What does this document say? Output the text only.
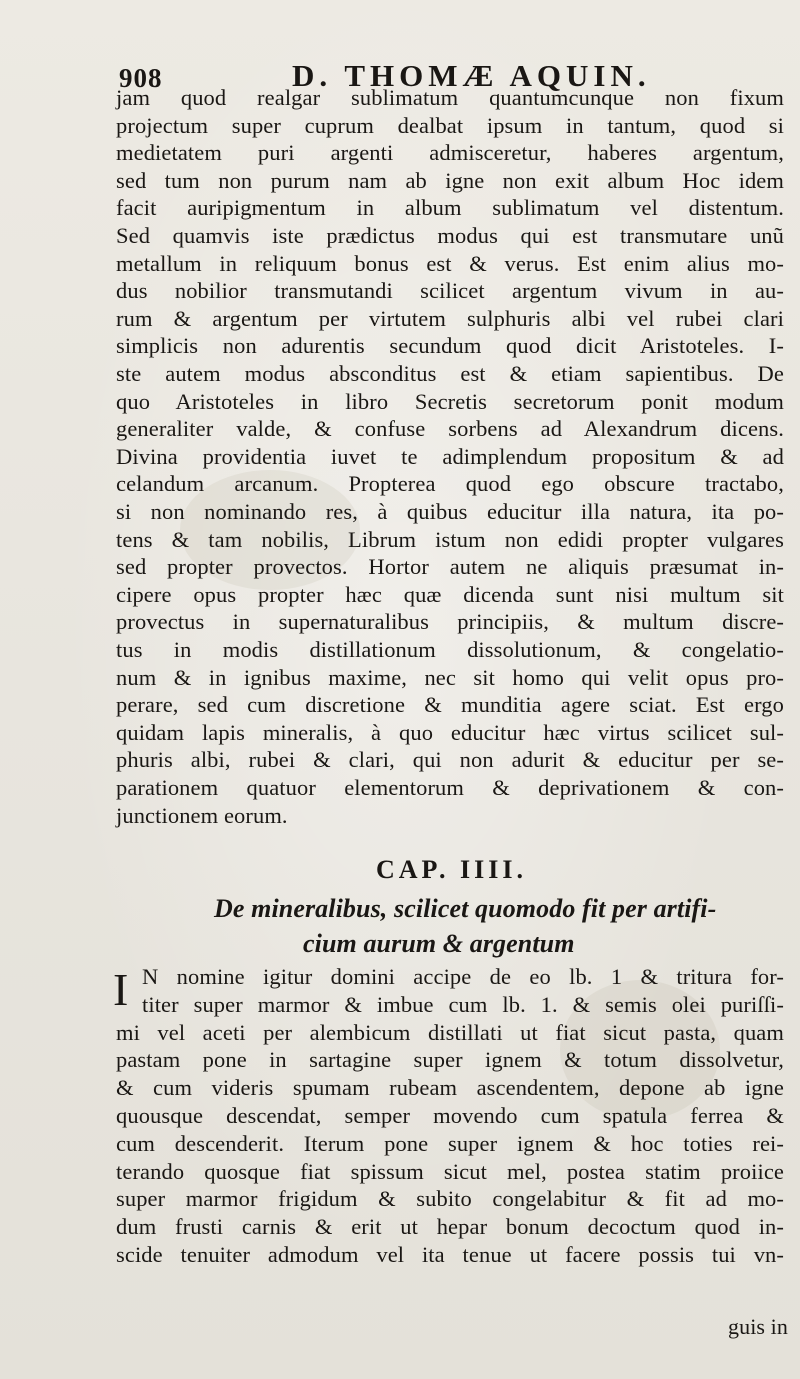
908	D. THOMÆ AQUIN.
jam quod realgar sublimatum quantumcunque non fixum
projectum super cuprum dealbat ipsum in tantum, quod si
medietatem puri argenti admisceretur, haberes argentum,
sed tum non purum nam ab igne non exit album Hoc idem
facit auripigmentum in album sublimatum vel distentum.
Sed quamvis iste prædictus modus qui est transmutare unũ
metallum in reliquum bonus est & verus. Est enim alius mo-
dus nobilior transmutandi scilicet argentum vivum in au-
rum & argentum per virtutem sulphuris albi vel rubei clari
simplicis non adurentis secundum quod dicit Aristoteles. I-
ste autem modus absconditus est & etiam sapientibus. De
quo Aristoteles in libro Secretis secretorum ponit modum
generaliter valde, & confuse sorbens ad Alexandrum dicens.
Divina providentia iuvet te adimplendum propositum & ad
celandum arcanum. Propterea quod ego obscure tractabo,
si non nominando res, à quibus educitur illa natura, ita po-
tens & tam nobilis, Librum istum non edidi propter vulgares
sed propter provectos. Hortor autem ne aliquis præsumat in-
cipere opus propter hæc quæ dicenda sunt nisi multum sit
provectus in supernaturalibus principiis, & multum discre-
tus in modis distillationum dissolutionum, & congelatio-
num & in ignibus maxime, nec sit homo qui velit opus pro-
perare, sed cum discretione & munditia agere sciat. Est ergo
quidam lapis mineralis, à quo educitur hæc virtus scilicet sul-
phuris albi, rubei & clari, qui non adurit & educitur per se-
parationem quatuor elementorum & deprivationem & con-
junctionem eorum.
CAP. IIII.
De mineralibus, scilicet quomodo fit per artifi-
cium aurum & argentum
I N nomine igitur domini accipe de eo lb. 1 & tritura for-
titer super marmor & imbue cum lb. 1. & semis olei puriſſi-
mi vel aceti per alembicum distillati ut fiat sicut pasta, quam
pastam pone in sartagine super ignem & totum dissolvetur,
& cum videris spumam rubeam ascendentem, depone ab igne
quousque descendat, semper movendo cum spatula ferrea &
cum descenderit. Iterum pone super ignem & hoc toties rei-
terando quosque fiat spissum sicut mel, postea statim proiice
super marmor frigidum & subito congelabitur & fit ad mo-
dum frusti carnis & erit ut hepar bonum decoctum quod in-
scide tenuiter admodum vel ita tenue ut facere possis tui vn-
guis in
